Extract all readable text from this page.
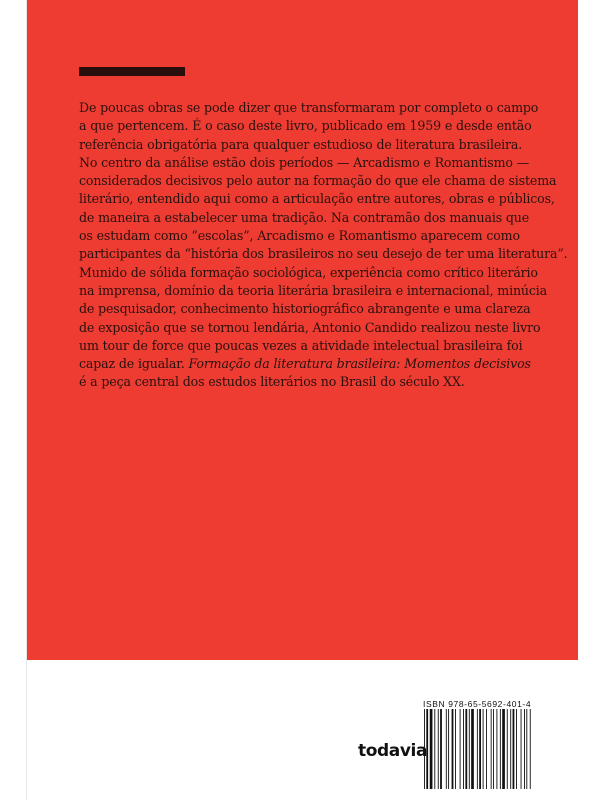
De poucas obras se pode dizer que transformaram por completo o campo
a que pertencem. É o caso deste livro, publicado em 1959 e desde então
referência obrigatória para qualquer estudioso de literatura brasileira.
No centro da análise estão dois períodos — Arcadismo e Romantismo —
considerados decisivos pelo autor na formação do que ele chama de sistema
literário, entendido aqui como a articulação entre autores, obras e públicos,
de maneira a estabelecer uma tradição. Na contramão dos manuais que
os estudam como “escolas”, Arcadismo e Romantismo aparecem como
participantes da “história dos brasileiros no seu desejo de ter uma literatura”.
Munido de sólida formação sociológica, experiência como crítico literário
na imprensa, domínio da teoria literária brasileira e internacional, minúcia
de pesquisador, conhecimento historiográfico abrangente e uma clareza
de exposição que se tornou lendária, Antonio Candido realizou neste livro
um tour de force que poucas vezes a atividade intelectual brasileira foi
capaz de igualar. Formação da literatura brasileira: Momentos decisivos
é a peça central dos estudos literários no Brasil do século XX.
ISBN 978-65-5692-401-4
todavia
